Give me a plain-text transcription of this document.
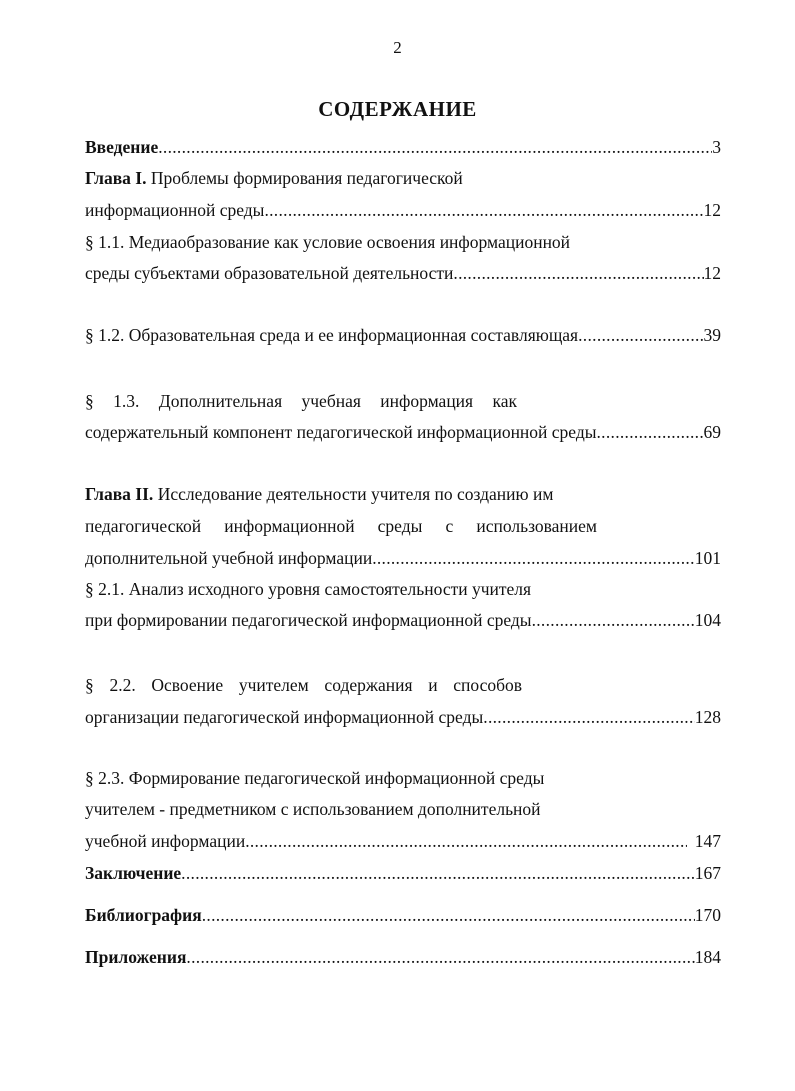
2
СОДЕРЖАНИЕ
Введение .....	3
Глава I. Проблемы формирования педагогической
информационной среды .....	12
§ 1.1. Медиаобразование как условие освоения информационной
среды субъектами образовательной деятельности .....	12
§ 1.2. Образовательная среда и ее информационная составляющая .....	39
§ 1.3. Дополнительная учебная информация как
содержательный компонент педагогической информационной среды .....	69
Глава II. Исследование деятельности учителя по созданию им
педагогической информационной среды с использованием
дополнительной учебной информации .....	101
§ 2.1. Анализ исходного уровня самостоятельности учителя
при формировании педагогической информационной среды .....	104
§ 2.2. Освоение учителем содержания и способов
организации педагогической информационной среды .....	128
§ 2.3. Формирование педагогической информационной среды
учителем - предметником с использованием дополнительной
учебной информации .....	147
Заключение .....	167
Библиография .....	170
Приложения .....	184
